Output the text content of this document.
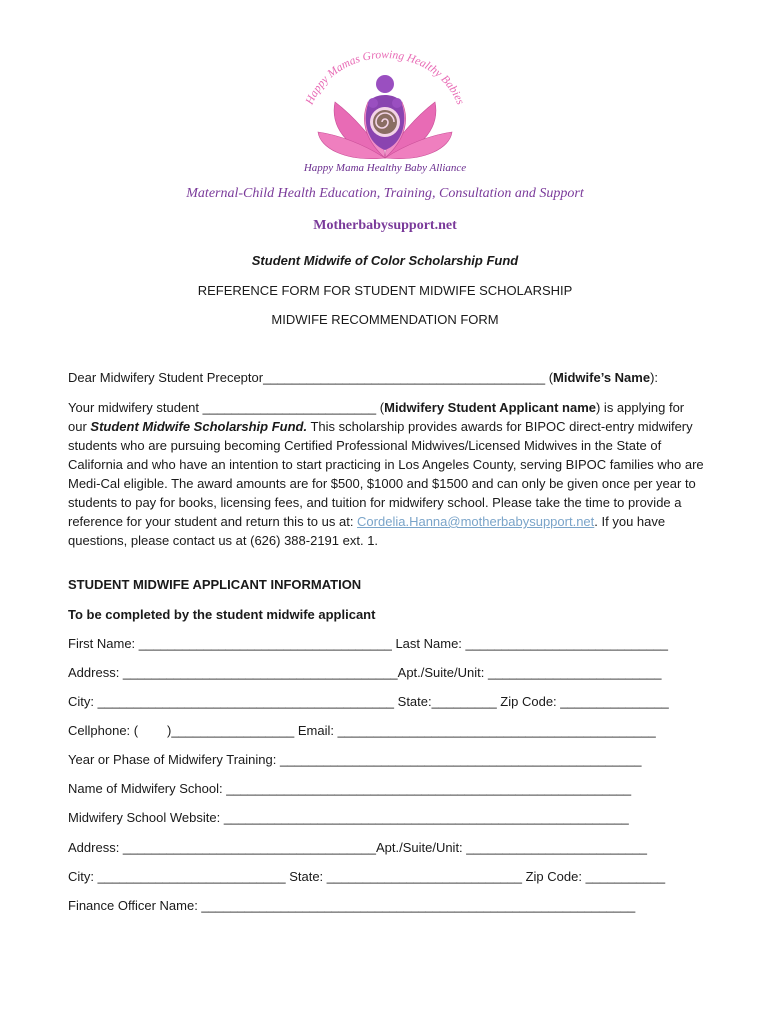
Happy Mamas Growing Healthy Babies
Happy Mama Healthy Baby Alliance
Maternal-Child Health Education, Training, Consultation and Support
Motherbabysupport.net
Student Midwife of Color Scholarship Fund
REFERENCE FORM FOR STUDENT MIDWIFE SCHOLARSHIP
MIDWIFE RECOMMENDATION FORM
Dear Midwifery Student Preceptor_______________________________________ (Midwife’s Name):
Your midwifery student ________________________ (Midwifery Student Applicant name) is applying for our Student Midwife Scholarship Fund. This scholarship provides awards for BIPOC direct-entry midwifery students who are pursuing becoming Certified Professional Midwives/Licensed Midwives in the State of California and who have an intention to start practicing in Los Angeles County, serving BIPOC families who are Medi-Cal eligible. The award amounts are for $500, $1000 and $1500 and can only be given once per year to students to pay for books, licensing fees, and tuition for midwifery school. Please take the time to provide a reference for your student and return this to us at: Cordelia.Hanna@motherbabysupport.net. If you have questions, please contact us at (626) 388-2191 ext. 1.
STUDENT MIDWIFE APPLICANT INFORMATION
To be completed by the student midwife applicant
First Name: ___________________________________ Last Name: ____________________________
Address: ______________________________________Apt./Suite/Unit: ________________________
City: _________________________________________ State:_________ Zip Code: _______________
Cellphone: (        )_________________ Email: ____________________________________________
Year or Phase of Midwifery Training: __________________________________________________
Name of Midwifery School: ________________________________________________________
Midwifery School Website: ________________________________________________________
Address: ___________________________________Apt./Suite/Unit: _________________________
City: __________________________ State: ___________________________ Zip Code: ___________
Finance Officer Name: ____________________________________________________________
